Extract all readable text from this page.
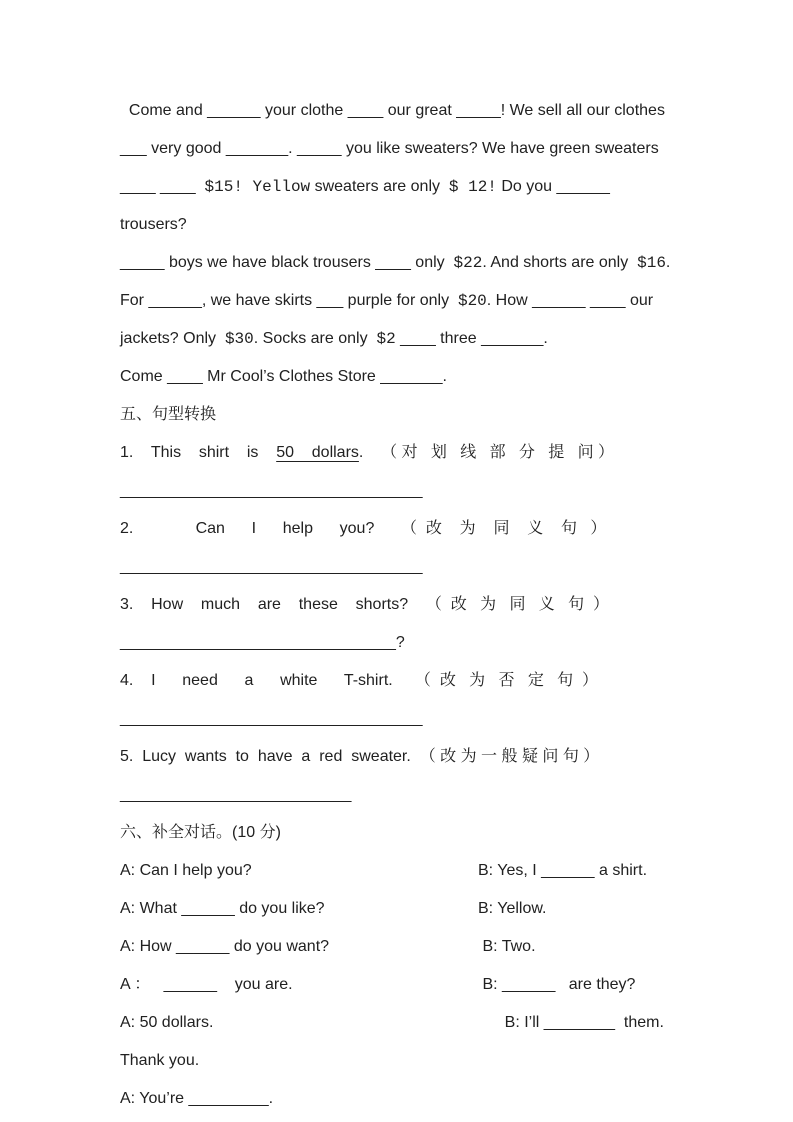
Come and ______ your clothe ____ our great _____! We sell all our clothes
___ very good _______. _____ you like sweaters? We have green sweaters
____ ____  $15! Yellow sweaters are only  $ 12! Do you ______ trousers?
_____ boys we have black trousers ____ only  $22. And shorts are only  $16.
For ______, we have skirts ___ purple for only  $20. How ______ ____ our
jackets? Only  $30. Socks are only  $2 ____ three _______.
Come ____ Mr Cool’s Clothes Store _______.
五、句型转换
1.    This    shirt    is    50    dollars.    （ 对   划   线   部   分   提   问 ）
__________________________________
2.              Can      I      help      you?      （  改    为    同    义    句   ）
__________________________________
3.    How    much    are    these    shorts?    （  改   为   同   义   句  ）
_______________________________?
4.    I      need      a      white      T-shirt.     （  改   为   否   定   句  ）
__________________________________
5.  Lucy  wants  to  have  a  red  sweater.  （ 改 为 一 般 疑 问 句 ）
__________________________
六、补全对话。(10 分)
A: Can I help you?	B: Yes, I ______ a shirt.
A: What ______ do you like?	B: Yellow.
A: How ______ do you want?	B: Two.
A ：   ______    you are.	B: ______   are they?
A: 50 dollars.	B: I’ll ________  them.
Thank you.
A: You’re _________.
